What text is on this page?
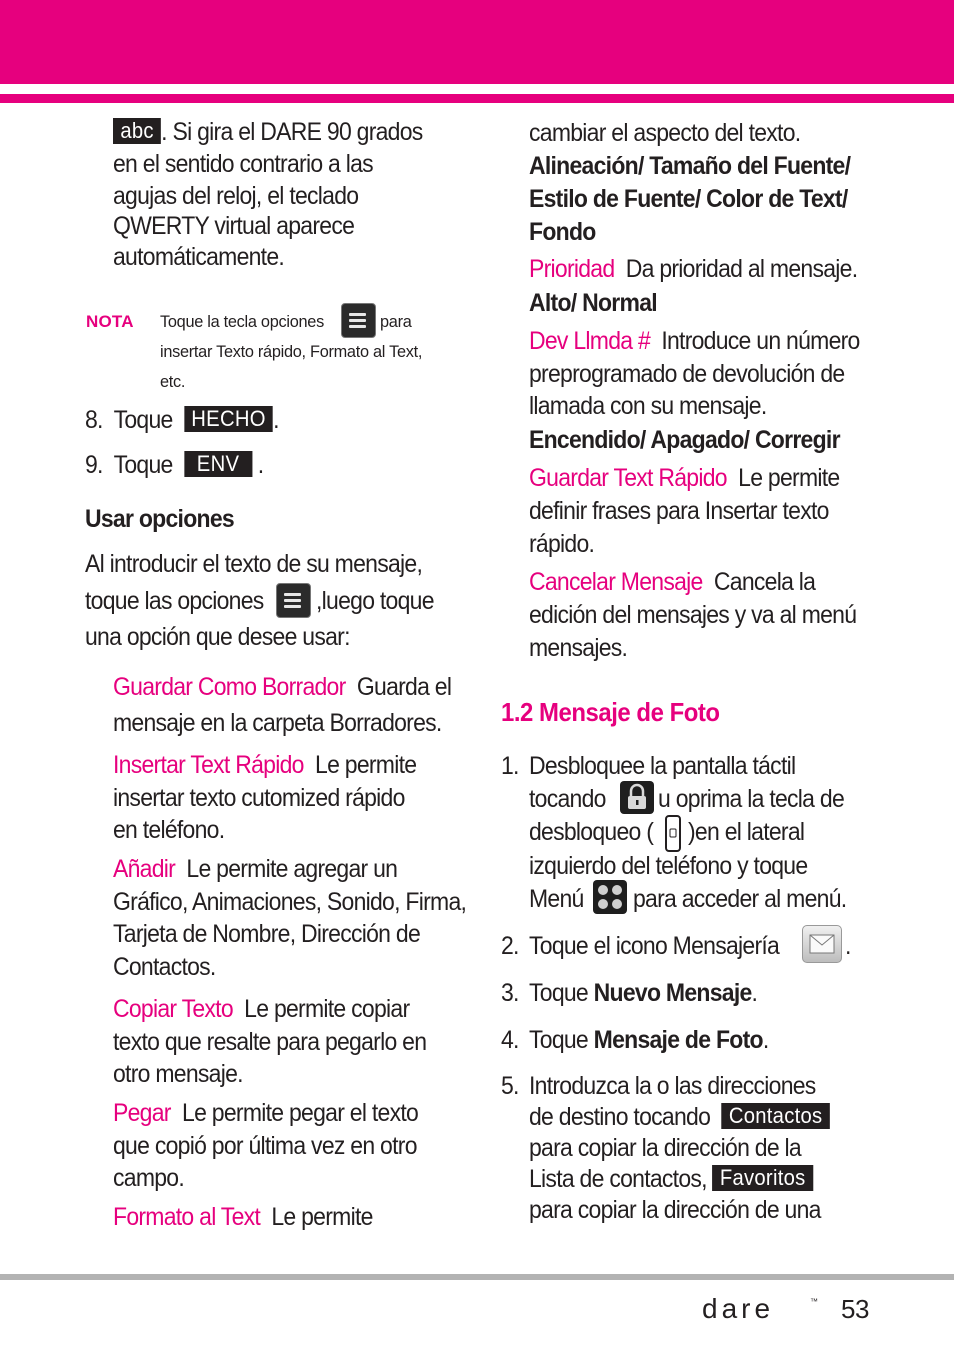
abc . Si gira el DARE 90 grados
en el sentido contrario a las
agujas del reloj, el teclado
QWERTY virtual aparece
automáticamente.
NOTA Toque la tecla opciones	para
insertar Texto rápido, Formato al Text,
etc.
8. Toque HECHO .
9. Toque ENV .
Usar opciones
Al introducir el texto de su mensaje,
toque las opciones ,luego toque
una opción que desee usar:
Guardar Como Borrador Guarda el
mensaje en la carpeta Borradores.
Insertar Text Rápido Le permite
insertar texto cutomized rápido
en teléfono.
Añadir Le permite agregar un
Gráfico, Animaciones, Sonido, Firma,
Tarjeta de Nombre, Dirección de
Contactos.
Copiar Texto Le permite copiar
texto que resalte para pegarlo en
otro mensaje.
Pegar Le permite pegar el texto
que copió por última vez en otro
campo.
Formato al Text Le permite
cambiar el aspecto del texto.
Alineación/ Tamaño del Fuente/
Estilo de Fuente/ Color de Text/
Fondo
Prioridad Da prioridad al mensaje.
Alto/ Normal
Dev Llmda # Introduce un número
preprogramado de devolución de
llamada con su mensaje.
Encendido/ Apagado/ Corregir
Guardar Text Rápido Le permite
definir frases para Insertar texto
rápido.
Cancelar Mensaje Cancela la
edición del mensajes y va al menú
mensajes.
1.2 Mensaje de Foto
1. Desbloquee la pantalla táctil
tocando u oprima la tecla de
desbloqueo ( )en el lateral
izquierdo del teléfono y toque
Menú para acceder al menú.
2. Toque el icono Mensajería	.
3. Toque Nuevo Mensaje.
4. Toque Mensaje de Foto.
5. Introduzca la o las direcciones
de destino tocando Contactos
para copiar la dirección de la
Lista de contactos, Favoritos
para copiar la dirección de una
dare	™ 53
